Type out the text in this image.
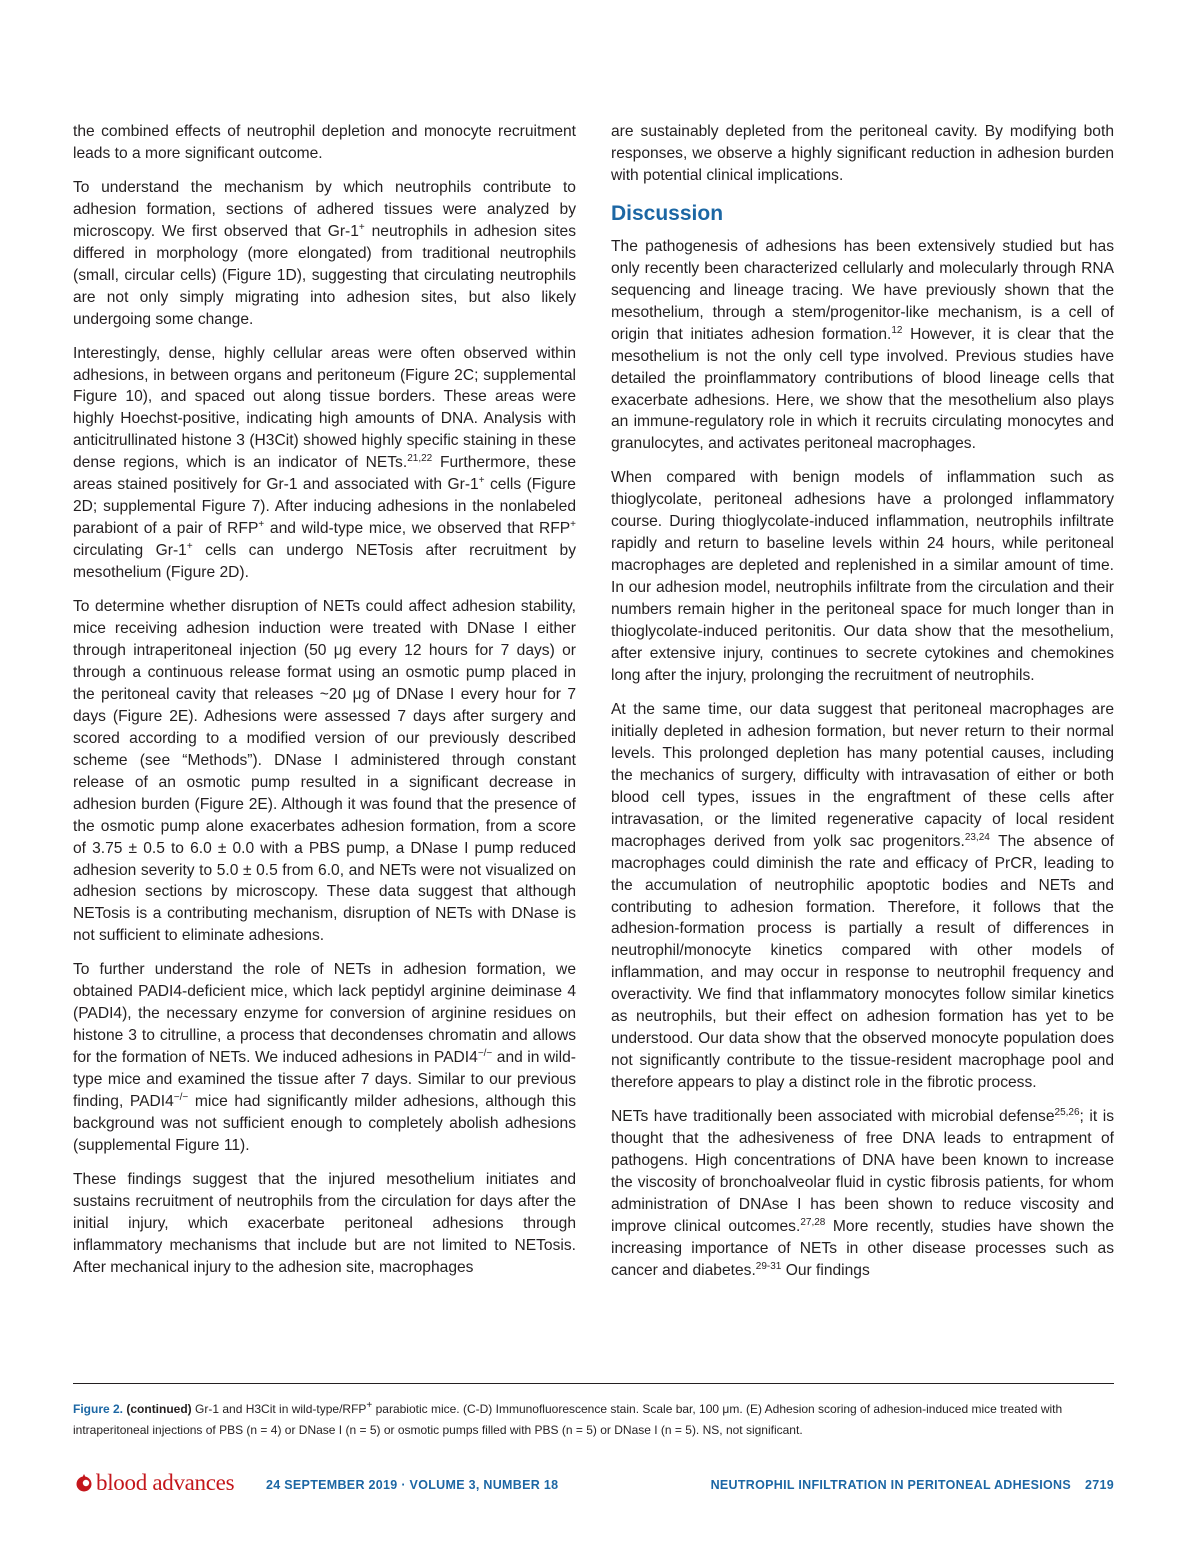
the combined effects of neutrophil depletion and monocyte recruitment leads to a more significant outcome.

To understand the mechanism by which neutrophils contribute to adhesion formation, sections of adhered tissues were analyzed by microscopy. We first observed that Gr-1+ neutrophils in adhesion sites differed in morphology (more elongated) from traditional neutrophils (small, circular cells) (Figure 1D), suggesting that circulating neutrophils are not only simply migrating into adhesion sites, but also likely undergoing some change.

Interestingly, dense, highly cellular areas were often observed within adhesions, in between organs and peritoneum (Figure 2C; supplemental Figure 10), and spaced out along tissue borders. These areas were highly Hoechst-positive, indicating high amounts of DNA. Analysis with anticitrullinated histone 3 (H3Cit) showed highly specific staining in these dense regions, which is an indicator of NETs.$^{21,22}$ Furthermore, these areas stained positively for Gr-1 and associated with Gr-1+ cells (Figure 2D; supplemental Figure 7). After inducing adhesions in the nonlabeled parabiont of a pair of RFP+ and wild-type mice, we observed that RFP+ circulating Gr-1+ cells can undergo NETosis after recruitment by mesothelium (Figure 2D).

To determine whether disruption of NETs could affect adhesion stability, mice receiving adhesion induction were treated with DNase I either through intraperitoneal injection (50 μg every 12 hours for 7 days) or through a continuous release format using an osmotic pump placed in the peritoneal cavity that releases ~20 μg of DNase I every hour for 7 days (Figure 2E). Adhesions were assessed 7 days after surgery and scored according to a modified version of our previously described scheme (see “Methods”). DNase I administered through constant release of an osmotic pump resulted in a significant decrease in adhesion burden (Figure 2E). Although it was found that the presence of the osmotic pump alone exacerbates adhesion formation, from a score of 3.75 ± 0.5 to 6.0 ± 0.0 with a PBS pump, a DNase I pump reduced adhesion severity to 5.0 ± 0.5 from 6.0, and NETs were not visualized on adhesion sections by microscopy. These data suggest that although NETosis is a contributing mechanism, disruption of NETs with DNase is not sufficient to eliminate adhesions.

To further understand the role of NETs in adhesion formation, we obtained PADI4-deficient mice, which lack peptidyl arginine deiminase 4 (PADI4), the necessary enzyme for conversion of arginine residues on histone 3 to citrulline, a process that decondenses chromatin and allows for the formation of NETs. We induced adhesions in PADI4−/− and in wild-type mice and examined the tissue after 7 days. Similar to our previous finding, PADI4−/− mice had significantly milder adhesions, although this background was not sufficient enough to completely abolish adhesions (supplemental Figure 11).

These findings suggest that the injured mesothelium initiates and sustains recruitment of neutrophils from the circulation for days after the initial injury, which exacerbate peritoneal adhesions through inflammatory mechanisms that include but are not limited to NETosis. After mechanical injury to the adhesion site, macrophages

are sustainably depleted from the peritoneal cavity. By modifying both responses, we observe a highly significant reduction in adhesion burden with potential clinical implications.

Discussion

The pathogenesis of adhesions has been extensively studied but has only recently been characterized cellularly and molecularly through RNA sequencing and lineage tracing. We have previously shown that the mesothelium, through a stem/progenitor-like mechanism, is a cell of origin that initiates adhesion formation.$^{12}$ However, it is clear that the mesothelium is not the only cell type involved. Previous studies have detailed the proinflammatory contributions of blood lineage cells that exacerbate adhesions. Here, we show that the mesothelium also plays an immune-regulatory role in which it recruits circulating monocytes and granulocytes, and activates peritoneal macrophages.

When compared with benign models of inflammation such as thioglycolate, peritoneal adhesions have a prolonged inflammatory course. During thioglycolate-induced inflammation, neutrophils infiltrate rapidly and return to baseline levels within 24 hours, while peritoneal macrophages are depleted and replenished in a similar amount of time. In our adhesion model, neutrophils infiltrate from the circulation and their numbers remain higher in the peritoneal space for much longer than in thioglycolate-induced peritonitis. Our data show that the mesothelium, after extensive injury, continues to secrete cytokines and chemokines long after the injury, prolonging the recruitment of neutrophils.

At the same time, our data suggest that peritoneal macrophages are initially depleted in adhesion formation, but never return to their normal levels. This prolonged depletion has many potential causes, including the mechanics of surgery, difficulty with intravasation of either or both blood cell types, issues in the engraftment of these cells after intravasation, or the limited regenerative capacity of local resident macrophages derived from yolk sac progenitors.$^{23,24}$ The absence of macrophages could diminish the rate and efficacy of PrCR, leading to the accumulation of neutrophilic apoptotic bodies and NETs and contributing to adhesion formation. Therefore, it follows that the adhesion-formation process is partially a result of differences in neutrophil/monocyte kinetics compared with other models of inflammation, and may occur in response to neutrophil frequency and overactivity. We find that inflammatory monocytes follow similar kinetics as neutrophils, but their effect on adhesion formation has yet to be understood. Our data show that the observed monocyte population does not significantly contribute to the tissue-resident macrophage pool and therefore appears to play a distinct role in the fibrotic process.

NETs have traditionally been associated with microbial defense$^{25,26}$; it is thought that the adhesiveness of free DNA leads to entrapment of pathogens. High concentrations of DNA have been known to increase the viscosity of bronchoalveolar fluid in cystic fibrosis patients, for whom administration of DNAse I has been shown to reduce viscosity and improve clinical outcomes.$^{27,28}$ More recently, studies have shown the increasing importance of NETs in other disease processes such as cancer and diabetes.$^{29-31}$ Our findings

Figure 2. (continued) Gr-1 and H3Cit in wild-type/RFP+ parabiotic mice. (C-D) Immunofluorescence stain. Scale bar, 100 μm. (E) Adhesion scoring of adhesion-induced mice treated with intraperitoneal injections of PBS (n = 4) or DNase I (n = 5) or osmotic pumps filled with PBS (n = 5) or DNase I (n = 5). NS, not significant.
blood advances	24 SEPTEMBER 2019 · VOLUME 3, NUMBER 18	NEUTROPHIL INFILTRATION IN PERITONEAL ADHESIONS 2719
